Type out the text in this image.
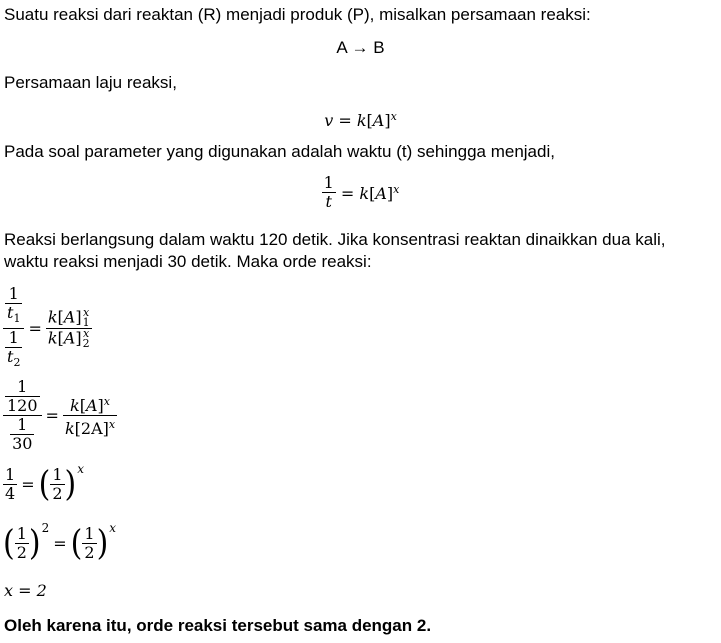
Suatu reaksi dari reaktan (R) menjadi produk (P), misalkan persamaan reaksi:
A → B
Persamaan laju reaksi,
$v = k[A]^x$
Pada soal parameter yang digunakan adalah waktu (t) sehingga menjadi,
$\frac{1}{t} = k[A]^x$
Reaksi berlangsung dalam waktu 120 detik. Jika konsentrasi reaktan dinaikkan dua kali,
waktu reaksi menjadi 30 detik. Maka orde reaksi:
$\frac{\frac{1}{t_1}}{\frac{1}{t_2}} = k[A]$ x
1
k[A] x
2
$\frac{\frac{1}{120}}{\frac{1}{30}} = \frac{k[A]^x}{k[2A]^x}$
$\frac{1}{4}$ = ( $\frac{1}{2}$ ) x
( $\frac{1}{2}$ ) 2
= ( $\frac{1}{2}$ ) x
x = 2
Oleh karena itu, orde reaksi tersebut sama dengan 2.
